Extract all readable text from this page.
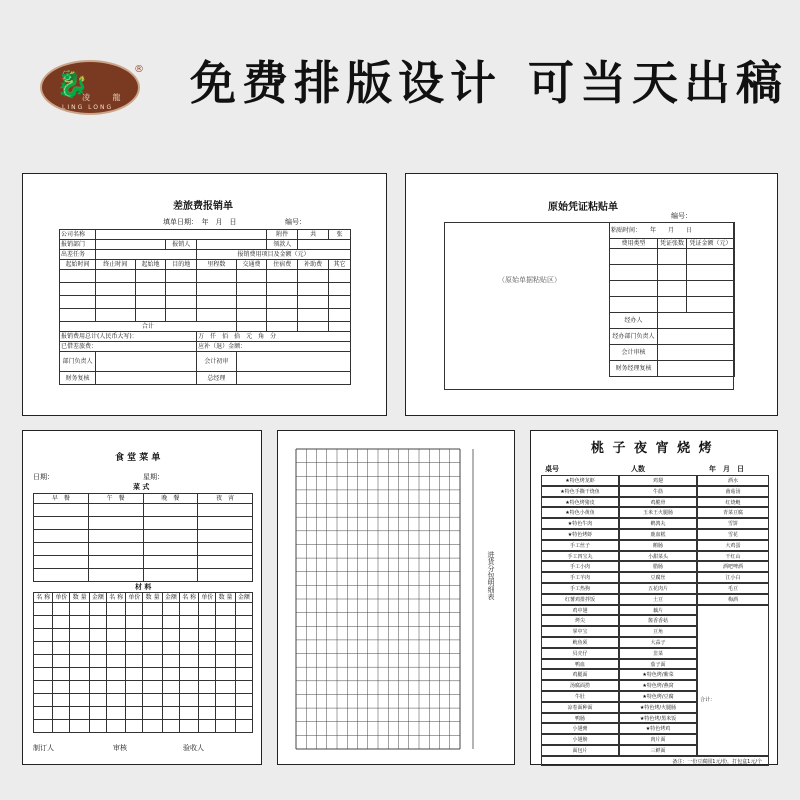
🐉
凌 龍
LING LONG
® 免费排版设计 可当天出稿
差旅费报销单
填单日期：　年　月　日	编号：
公司名称						附件	共	张
报销部门			报销人			领款人		
出差任务				报销费用项目及金额（元）				
起始时间	终止时间	起始地	目的地	里程数	交通费	住宿费	补助费	其它

合计								
报销费用总计(人民币大写)：				万　仟　佰　拾　元　角　分				
已借差旅费：				应补（退）金额：				
部门负责人				会计初审				
财务复核				总经理				
原始凭证粘贴单
编号：
（原始单据粘贴区）
粘贴时间：　　年　　月　　日		
费用类型	凭证张数	凭证金额（元）

经办人		
经办部门负责人		
会计审核		
财务经理复核		
食 堂 菜 单
日期：	星期：
菜 式
早　餐	午　餐	晚　餐	夜　宵

材 料
名 称	单价	数 量	金额	名 称	单价	数 量	金额	名 称	单价	数 量	金额

制订人	审核	验收人
进货分包明细表
桃 子 夜 宵 烧 烤
桌号	人数	年　月　日
★特色烤龙虾	鸡翅	酒水
★特色手撕干烧鱼	牛筋	菌菇汤
★特色烤猪皮	鸡脆骨	红烧鲢
★特色小黄鱼	玉米王火腿肠	青菜豆腐
★特色牛肉	鹌鹑丸	雪饼
★特色烤虾	鹿血糕	雪花
手工丝子	鹅肠	大鸡蛋
手工四宝丸	小甜菜头	干红山
手工小肉	腊肠	酒吧啤酒
手工羊肉	豆腐丝	江小白
手工热狗	五花肉片	毛豆
红薯鸡排拌饭	土豆	梅酒
鸡中翅	藕片
烤尖	酱香香菇
掌中宝	豆角
鱿鱼须	大蒜子
贝壳仔	韭菜
鸭血	茄子面
鸡腿面	★特色烤/紫菜
汤腐面捞	★特色烤/燕窝
牛肚	★特色烤/豆腐
凉卷面种面	★特色烤/火腿肠
鸭肠	★特色烤/黑米饭
小翅膏	★特色烤鸡
小翅膀	肉片面
面包片	三鲜面
合计：
备注：一份豆腐圆1元/份，打包盒1元/个
